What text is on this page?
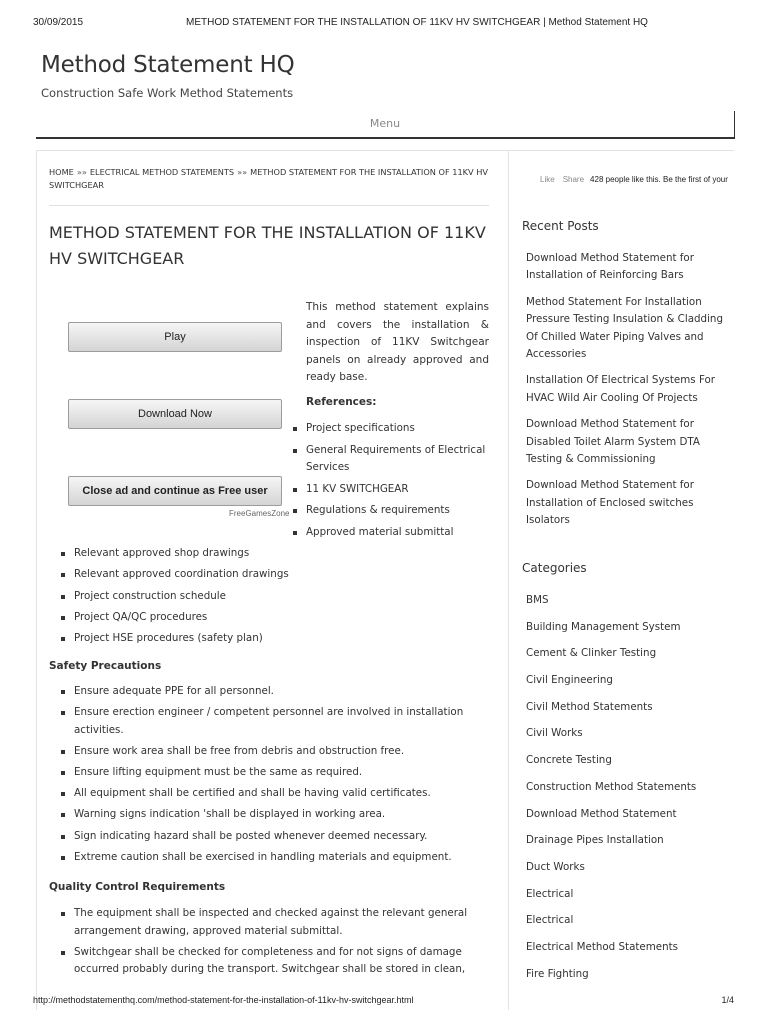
30/09/2015	METHOD STATEMENT FOR THE INSTALLATION OF 11KV HV SWITCHGEAR | Method Statement HQ
Method Statement HQ
Construction Safe Work Method Statements
Menu
HOME »» ELECTRICAL METHOD STATEMENTS »» METHOD STATEMENT FOR THE INSTALLATION OF 11KV HV SWITCHGEAR
METHOD STATEMENT FOR THE INSTALLATION OF 11KV HV SWITCHGEAR
Play
Download Now
Close ad and continue as Free user
FreeGamesZone

This method statement explains and covers the installation & inspection of 11KV Switchgear panels on already approved and ready base.

References:
Project specifications
General Requirements of Electrical Services
11 KV SWITCHGEAR
Regulations & requirements
Approved material submittal
Relevant approved shop drawings
Relevant approved coordination drawings
Project construction schedule
Project QA/QC procedures
Project HSE procedures (safety plan)
Safety Precautions
Ensure adequate PPE for all personnel.
Ensure erection engineer / competent personnel are involved in installation activities.
Ensure work area shall be free from debris and obstruction free.
Ensure lifting equipment must be the same as required.
All equipment shall be certified and shall be having valid certificates.
Warning signs indication 'shall be displayed in working area.
Sign indicating hazard shall be posted whenever deemed necessary.
Extreme caution shall be exercised in handling materials and equipment.
Quality Control Requirements
The equipment shall be inspected and checked against the relevant general arrangement drawing, approved material submittal.
Switchgear shall be checked for completeness and for not signs of damage occurred probably during the transport. Switchgear shall be stored in clean,
Like Share 428 people like this. Be the first of your
Recent Posts
Download Method Statement for Installation of Reinforcing Bars
Method Statement For Installation Pressure Testing Insulation & Cladding Of Chilled Water Piping Valves and Accessories
Installation Of Electrical Systems For HVAC Wild Air Cooling Of Projects
Download Method Statement for Disabled Toilet Alarm System DTA Testing & Commissioning
Download Method Statement for Installation of Enclosed switches Isolators
Categories
BMS
Building Management System
Cement & Clinker Testing
Civil Engineering
Civil Method Statements
Civil Works
Concrete Testing
Construction Method Statements
Download Method Statement
Drainage Pipes Installation
Duct Works
Electrical
Electrical
Electrical Method Statements
Fire Fighting
http://methodstatementhq.com/method-statement-for-the-installation-of-11kv-hv-switchgear.html	1/4
